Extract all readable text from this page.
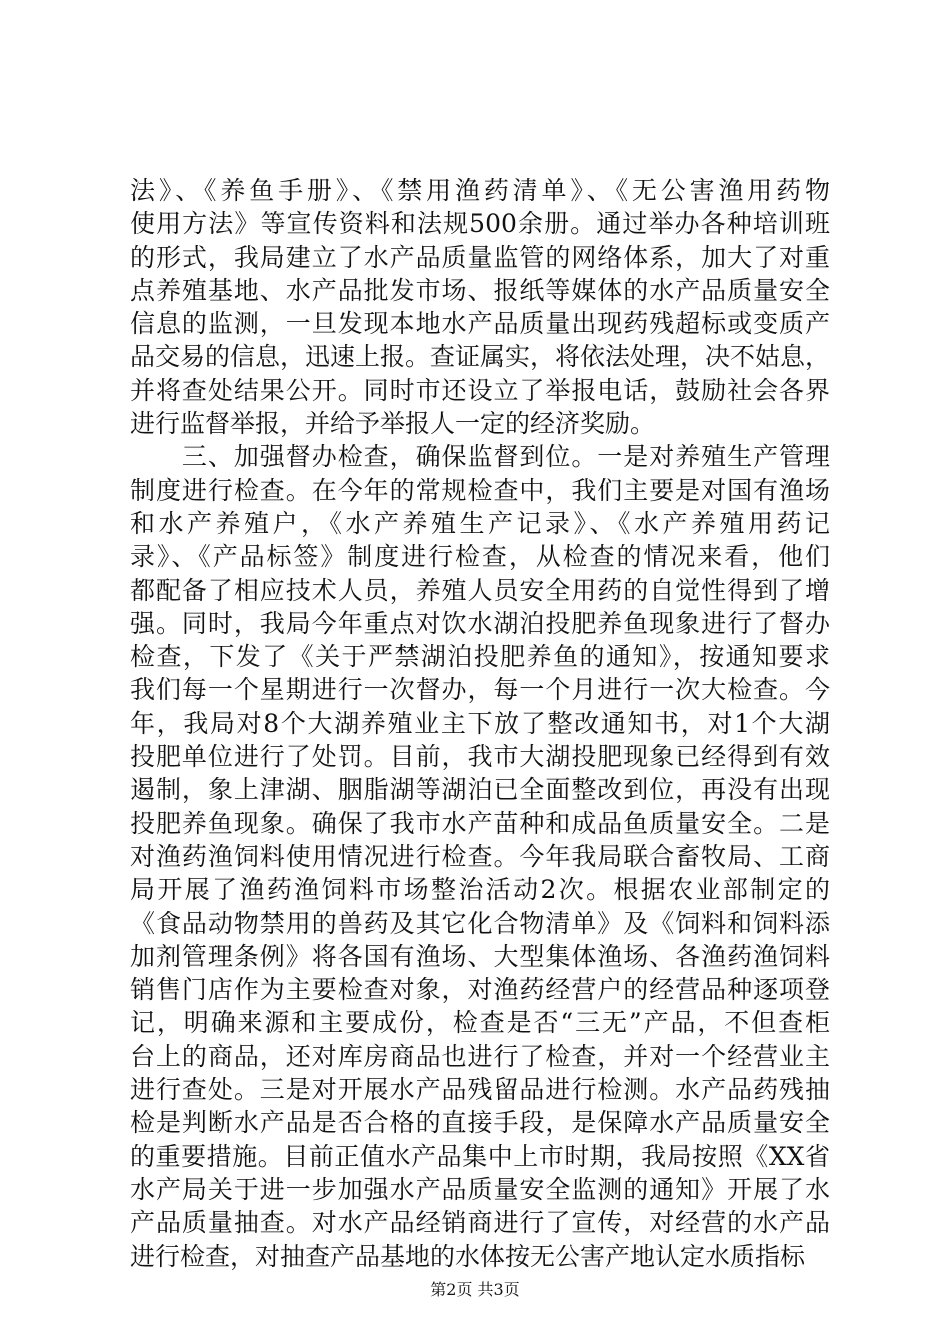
法》、《养鱼手册》、《禁用渔药清单》、《无公害渔用药物
使用方法》等宣传资料和法规500余册。通过举办各种培训班
的形式，我局建立了水产品质量监管的网络体系，加大了对重
点养殖基地、水产品批发市场、报纸等媒体的水产品质量安全
信息的监测，一旦发现本地水产品质量出现药残超标或变质产
品交易的信息，迅速上报。查证属实，将依法处理，决不姑息，
并将查处结果公开。同时市还设立了举报电话，鼓励社会各界
进行监督举报，并给予举报人一定的经济奖励。
　　三、加强督办检查，确保监督到位。一是对养殖生产管理
制度进行检查。在今年的常规检查中，我们主要是对国有渔场
和水产养殖户，《水产养殖生产记录》、《水产养殖用药记
录》、《产品标签》制度进行检查，从检查的情况来看，他们
都配备了相应技术人员，养殖人员安全用药的自觉性得到了增
强。同时，我局今年重点对饮水湖泊投肥养鱼现象进行了督办
检查，下发了《关于严禁湖泊投肥养鱼的通知》，按通知要求
我们每一个星期进行一次督办，每一个月进行一次大检查。今
年，我局对8个大湖养殖业主下放了整改通知书，对1个大湖
投肥单位进行了处罚。目前，我市大湖投肥现象已经得到有效
遏制，象上津湖、胭脂湖等湖泊已全面整改到位，再没有出现
投肥养鱼现象。确保了我市水产苗种和成品鱼质量安全。二是
对渔药渔饲料使用情况进行检查。今年我局联合畜牧局、工商
局开展了渔药渔饲料市场整治活动2次。根据农业部制定的
《食品动物禁用的兽药及其它化合物清单》及《饲料和饲料添
加剂管理条例》将各国有渔场、大型集体渔场、各渔药渔饲料
销售门店作为主要检查对象，对渔药经营户的经营品种逐项登
记，明确来源和主要成份，检查是否“三无”产品，不但查柜
台上的商品，还对库房商品也进行了检查，并对一个经营业主
进行查处。三是对开展水产品残留品进行检测。水产品药残抽
检是判断水产品是否合格的直接手段，是保障水产品质量安全
的重要措施。目前正值水产品集中上市时期，我局按照《XX省
水产局关于进一步加强水产品质量安全监测的通知》开展了水
产品质量抽查。对水产品经销商进行了宣传，对经营的水产品
进行检查，对抽查产品基地的水体按无公害产地认定水质指标
第2页 共3页
